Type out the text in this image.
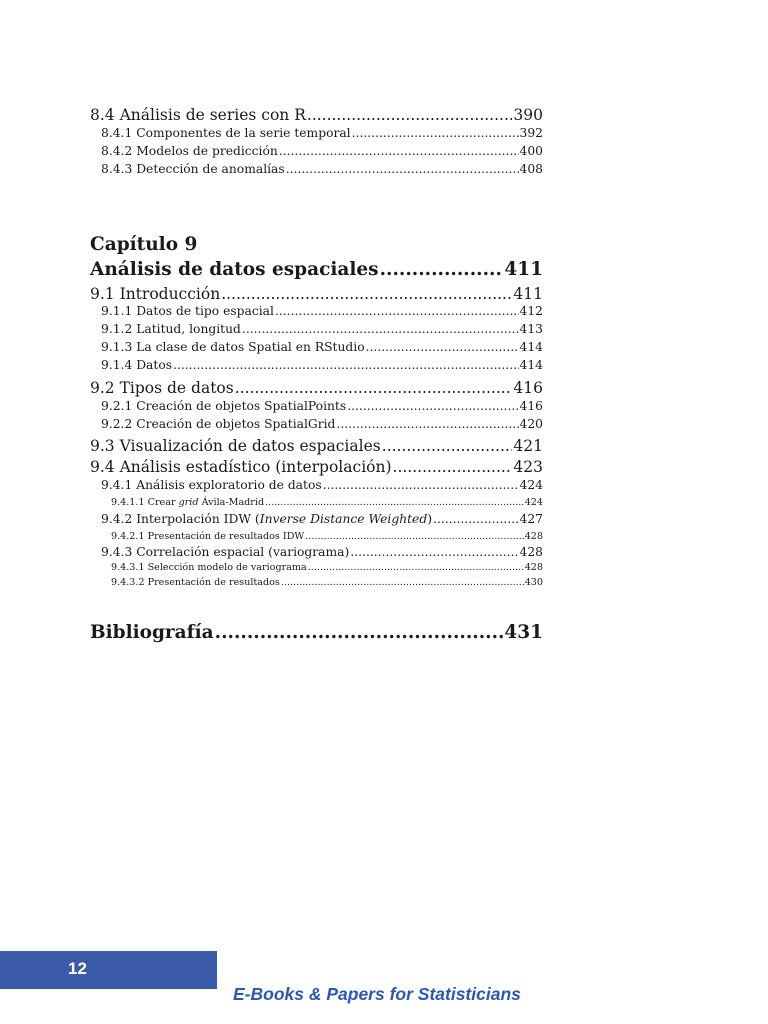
8.4 Análisis de series con R .....	390
8.4.1 Componentes de la serie temporal .....	392
8.4.2 Modelos de predicción .....	400
8.4.3 Detección de anomalías .....	408
Capítulo 9
Análisis de datos espaciales .....	411
9.1 Introducción .....	411
9.1.1 Datos de tipo espacial .....	412
9.1.2 Latitud, longitud .....	413
9.1.3 La clase de datos Spatial en RStudio .....	414
9.1.4 Datos .....	414
9.2 Tipos de datos .....	416
9.2.1 Creación de objetos SpatialPoints .....	416
9.2.2 Creación de objetos SpatialGrid .....	420
9.3 Visualización de datos espaciales .....	421
9.4 Análisis estadístico (interpolación) .....	423
9.4.1 Análisis exploratorio de datos .....	424
9.4.1.1 Crear grid Ávila-Madrid .....	424
9.4.2 Interpolación IDW (Inverse Distance Weighted) .....	427
9.4.2.1 Presentación de resultados IDW .....	428
9.4.3 Correlación espacial (variograma) .....	428
9.4.3.1 Selección modelo de variograma .....	428
9.4.3.2 Presentación de resultados .....	430
Bibliografía .....	431
12
E-Books & Papers for Statisticians
